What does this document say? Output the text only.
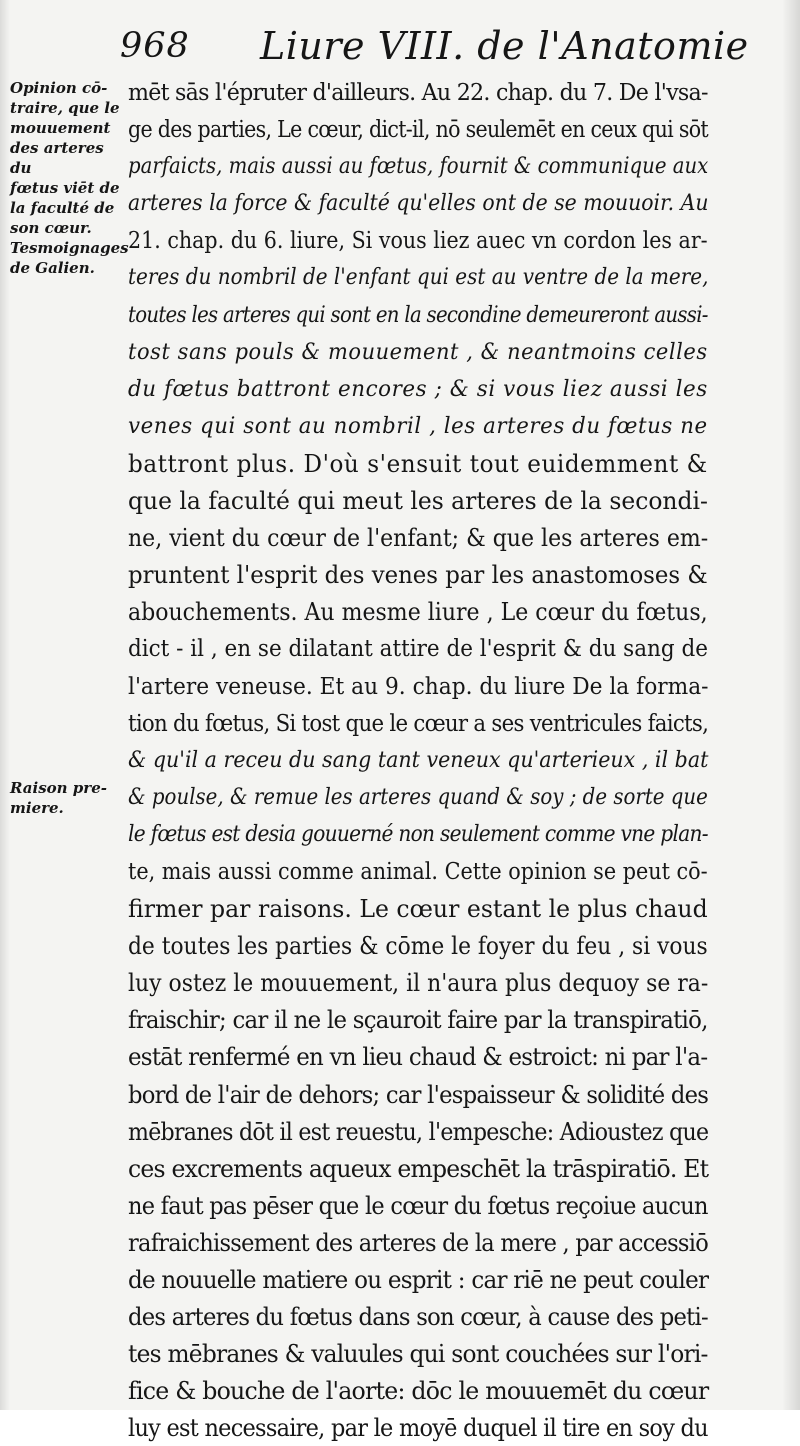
968 Liure VIII. de l'Anatomie
Opinion cō-
traire, que le
mouuement
des arteres du
fœtus viēt de
la faculté de
son cœur.
Tesmoignages
de Galien.
Raison pre-
miere.
mēt sās l'épruter d'ailleurs. Au 22. chap. du 7. De l'vsa-
ge des parties, Le cœur, dict-il, nō seulemēt en ceux qui sōt
parfaicts, mais aussi au fœtus, fournit & communique aux
arteres la force & faculté qu'elles ont de se mouuoir. Au
21. chap. du 6. liure, Si vous liez auec vn cordon les ar-
teres du nombril de l'enfant qui est au ventre de la mere,
toutes les arteres qui sont en la secondine demeureront aussi-
tost sans pouls & mouuement , & neantmoins celles
du fœtus battront encores ; & si vous liez aussi les
venes qui sont au nombril , les arteres du fœtus ne
battront plus. D'où s'ensuit tout euidemment &
que la faculté qui meut les arteres de la secondi-
ne, vient du cœur de l'enfant; & que les arteres em-
pruntent l'esprit des venes par les anastomoses &
abouchements. Au mesme liure , Le cœur du fœtus,
dict - il , en se dilatant attire de l'esprit & du sang de
l'artere veneuse. Et au 9. chap. du liure De la forma-
tion du fœtus, Si tost que le cœur a ses ventricules faicts,
& qu'il a receu du sang tant veneux qu'arterieux , il bat
& poulse, & remue les arteres quand & soy ; de sorte que
le fœtus est desia gouuerné non seulement comme vne plan-
te, mais aussi comme animal. Cette opinion se peut cō-
firmer par raisons. Le cœur estant le plus chaud
de toutes les parties & cōme le foyer du feu , si vous
luy ostez le mouuement, il n'aura plus dequoy se ra-
fraischir; car il ne le sçauroit faire par la transpiratiō,
estāt renfermé en vn lieu chaud & estroict: ni par l'a-
bord de l'air de dehors; car l'espaisseur & solidité des
mēbranes dōt il est reuestu, l'empesche: Adioustez que
ces excrements aqueux empeschēt la trāspiratiō. Et
ne faut pas pēser que le cœur du fœtus reçoiue aucun
rafraichissement des arteres de la mere , par accessiō
de nouuelle matiere ou esprit : car riē ne peut couler
des arteres du fœtus dans son cœur, à cause des peti-
tes mēbranes & valuules qui sont couchées sur l'ori-
fice & bouche de l'aorte: dōc le mouuemēt du cœur
luy est necessaire, par le moyē duquel il tire en soy du
